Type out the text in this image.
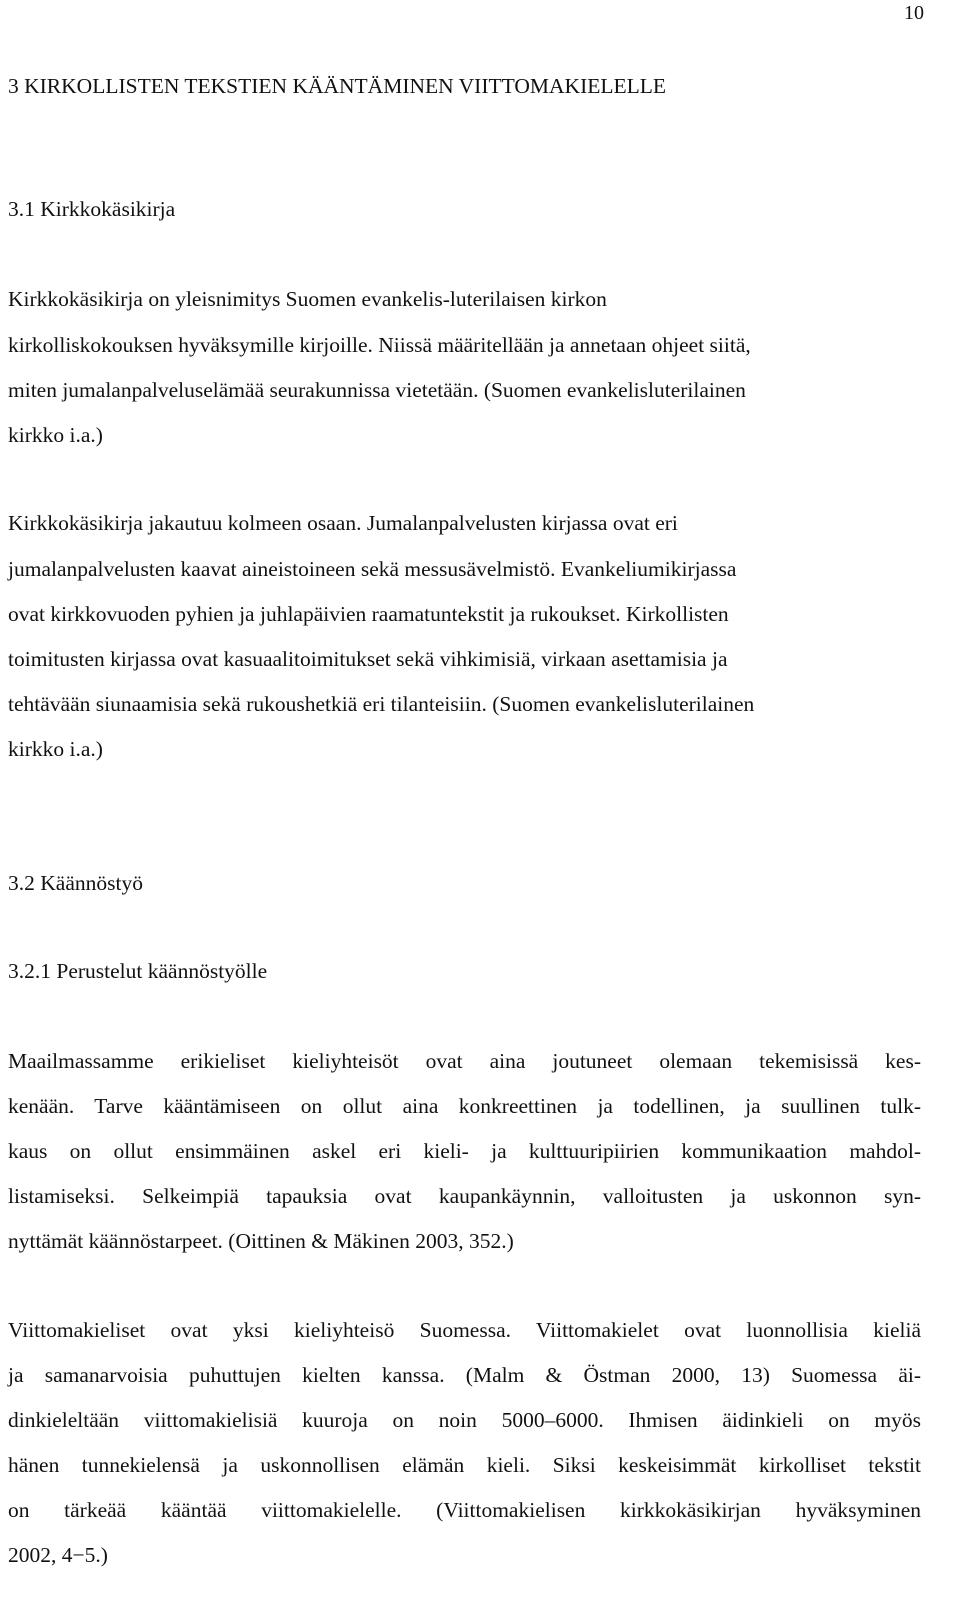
10
3 KIRKOLLISTEN TEKSTIEN KÄÄNTÄMINEN VIITTOMAKIELELLE
3.1 Kirkkokäsikirja
Kirkkokäsikirja on yleisnimitys Suomen evankelis-luterilaisen kirkon
kirkolliskokouksen hyväksymille kirjoille. Niissä määritellään ja annetaan ohjeet siitä,
miten jumalanpalveluselämää seurakunnissa vietetään. (Suomen evankelisluterilainen
kirkko i.a.)
Kirkkokäsikirja jakautuu kolmeen osaan. Jumalanpalvelusten kirjassa ovat eri
jumalanpalvelusten kaavat aineistoineen sekä messusävelmistö. Evankeliumikirjassa
ovat kirkkovuoden pyhien ja juhlapäivien raamatuntekstit ja rukoukset. Kirkollisten
toimitusten kirjassa ovat kasuaalitoimitukset sekä vihkimisiä, virkaan asettamisia ja
tehtävään siunaamisia sekä rukoushetkiä eri tilanteisiin. (Suomen evankelisluterilainen
kirkko i.a.)
3.2 Käännöstyö
3.2.1 Perustelut käännöstyölle
Maailmassamme erikieliset kieliyhteisöt ovat aina joutuneet olemaan tekemisissä kes-
kenään. Tarve kääntämiseen on ollut aina konkreettinen ja todellinen, ja suullinen tulk-
kaus on ollut ensimmäinen askel eri kieli- ja kulttuuripiirien kommunikaation mahdol-
listamiseksi. Selkeimpiä tapauksia ovat kaupankäynnin, valloitusten ja uskonnon syn-
nyttämät käännöstarpeet. (Oittinen & Mäkinen 2003, 352.)
Viittomakieliset ovat yksi kieliyhteisö Suomessa. Viittomakielet ovat luonnollisia kieliä
ja samanarvoisia puhuttujen kielten kanssa. (Malm & Östman 2000, 13) Suomessa äi-
dinkieleltään viittomakielisiä kuuroja on noin 5000–6000. Ihmisen äidinkieli on myös
hänen tunnekielensä ja uskonnollisen elämän kieli. Siksi keskeisimmät kirkolliset tekstit
on tärkeää kääntää viittomakielelle. (Viittomakielisen kirkkokäsikirjan hyväksyminen
2002, 4−5.)
